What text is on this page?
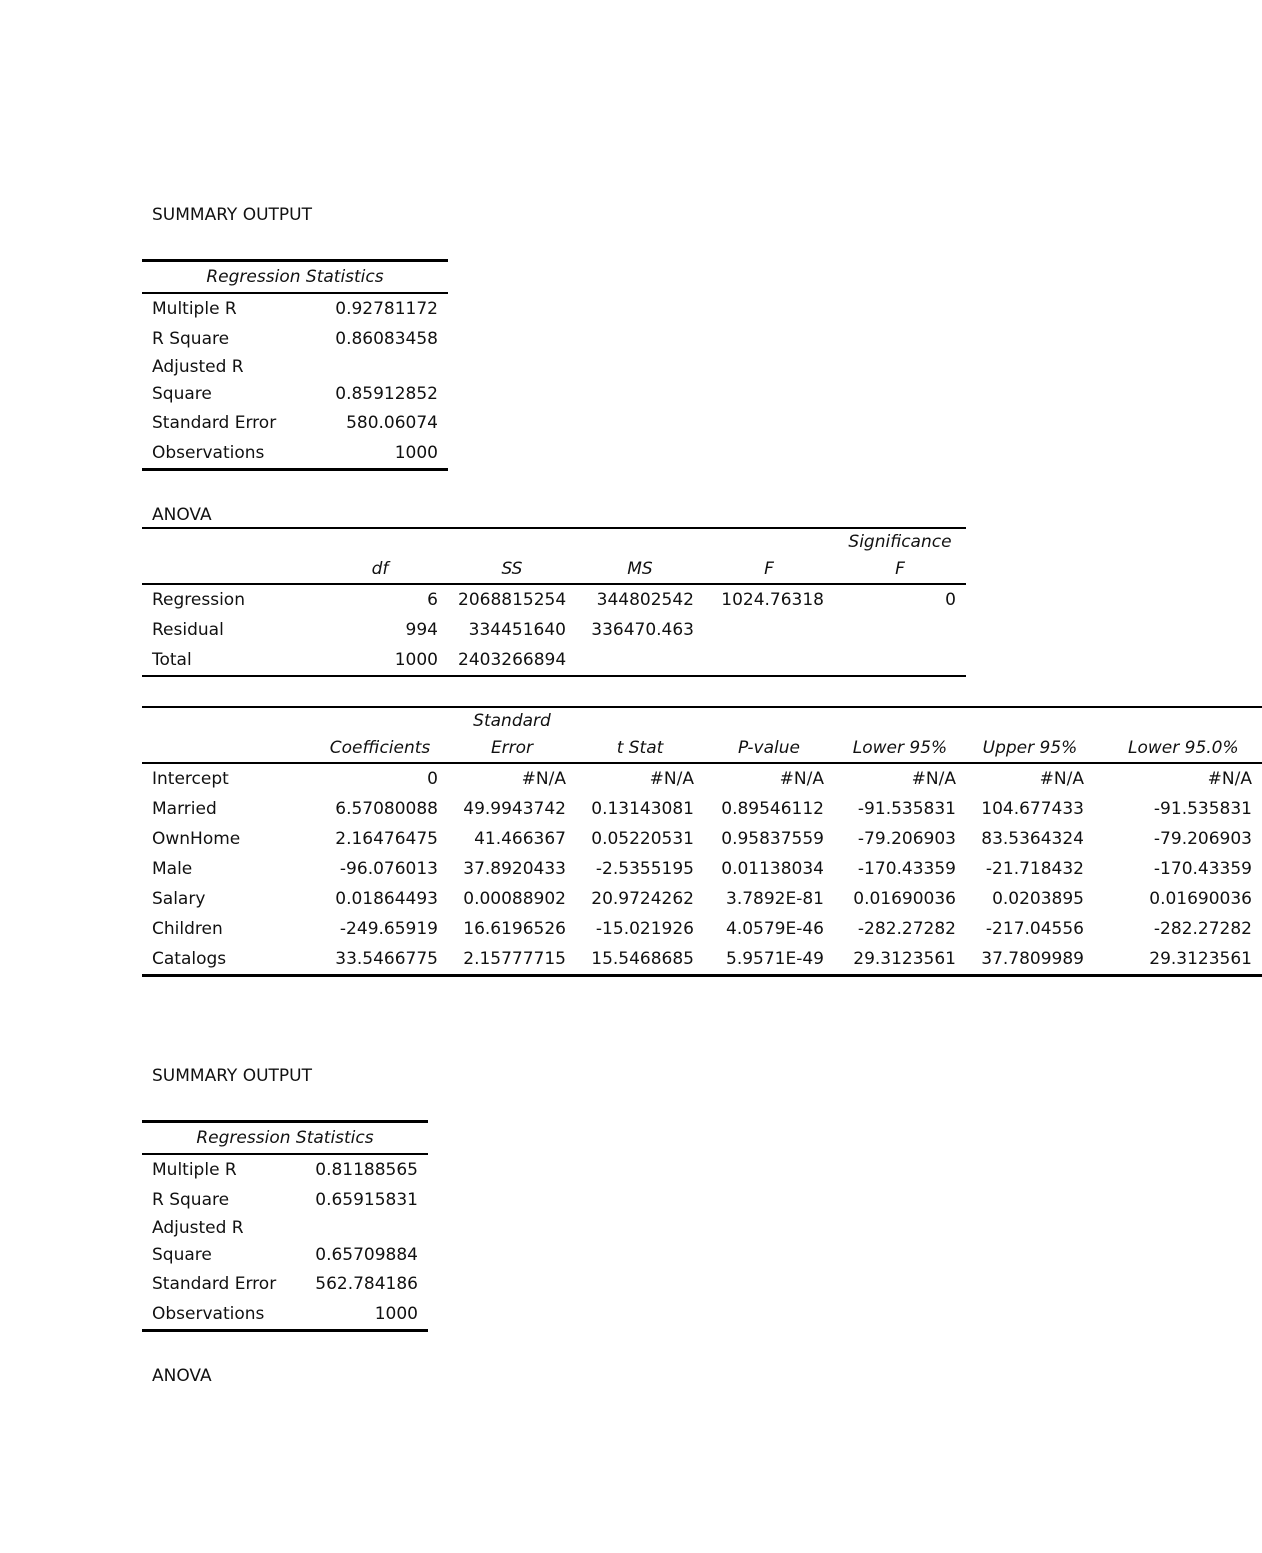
SUMMARY OUTPUT
Regression Statistics	
Multiple R	0.92781172
R Square	0.86083458
Adjusted R Square	0.85912852
Standard Error	580.06074
Observations	1000
ANOVA
	df	SS	MS	F	Significance F
Regression	6	2068815254	344802542	1024.76318	0
Residual	994	334451640	336470.463		
Total	1000	2403266894			
	Coefficients	Standard Error	t Stat	P-value	Lower 95%	Upper 95%	Lower 95.0%
Intercept	0	#N/A	#N/A	#N/A	#N/A	#N/A	#N/A
Married	6.57080088	49.9943742	0.13143081	0.89546112	-91.535831	104.677433	-91.535831
OwnHome	2.16476475	41.466367	0.05220531	0.95837559	-79.206903	83.5364324	-79.206903
Male	-96.076013	37.8920433	-2.5355195	0.01138034	-170.43359	-21.718432	-170.43359
Salary	0.01864493	0.00088902	20.9724262	3.7892E-81	0.01690036	0.0203895	0.01690036
Children	-249.65919	16.6196526	-15.021926	4.0579E-46	-282.27282	-217.04556	-282.27282
Catalogs	33.5466775	2.15777715	15.5468685	5.9571E-49	29.3123561	37.7809989	29.3123561
SUMMARY OUTPUT
Regression Statistics	
Multiple R	0.81188565
R Square	0.65915831
Adjusted R Square	0.65709884
Standard Error	562.784186
Observations	1000
ANOVA
